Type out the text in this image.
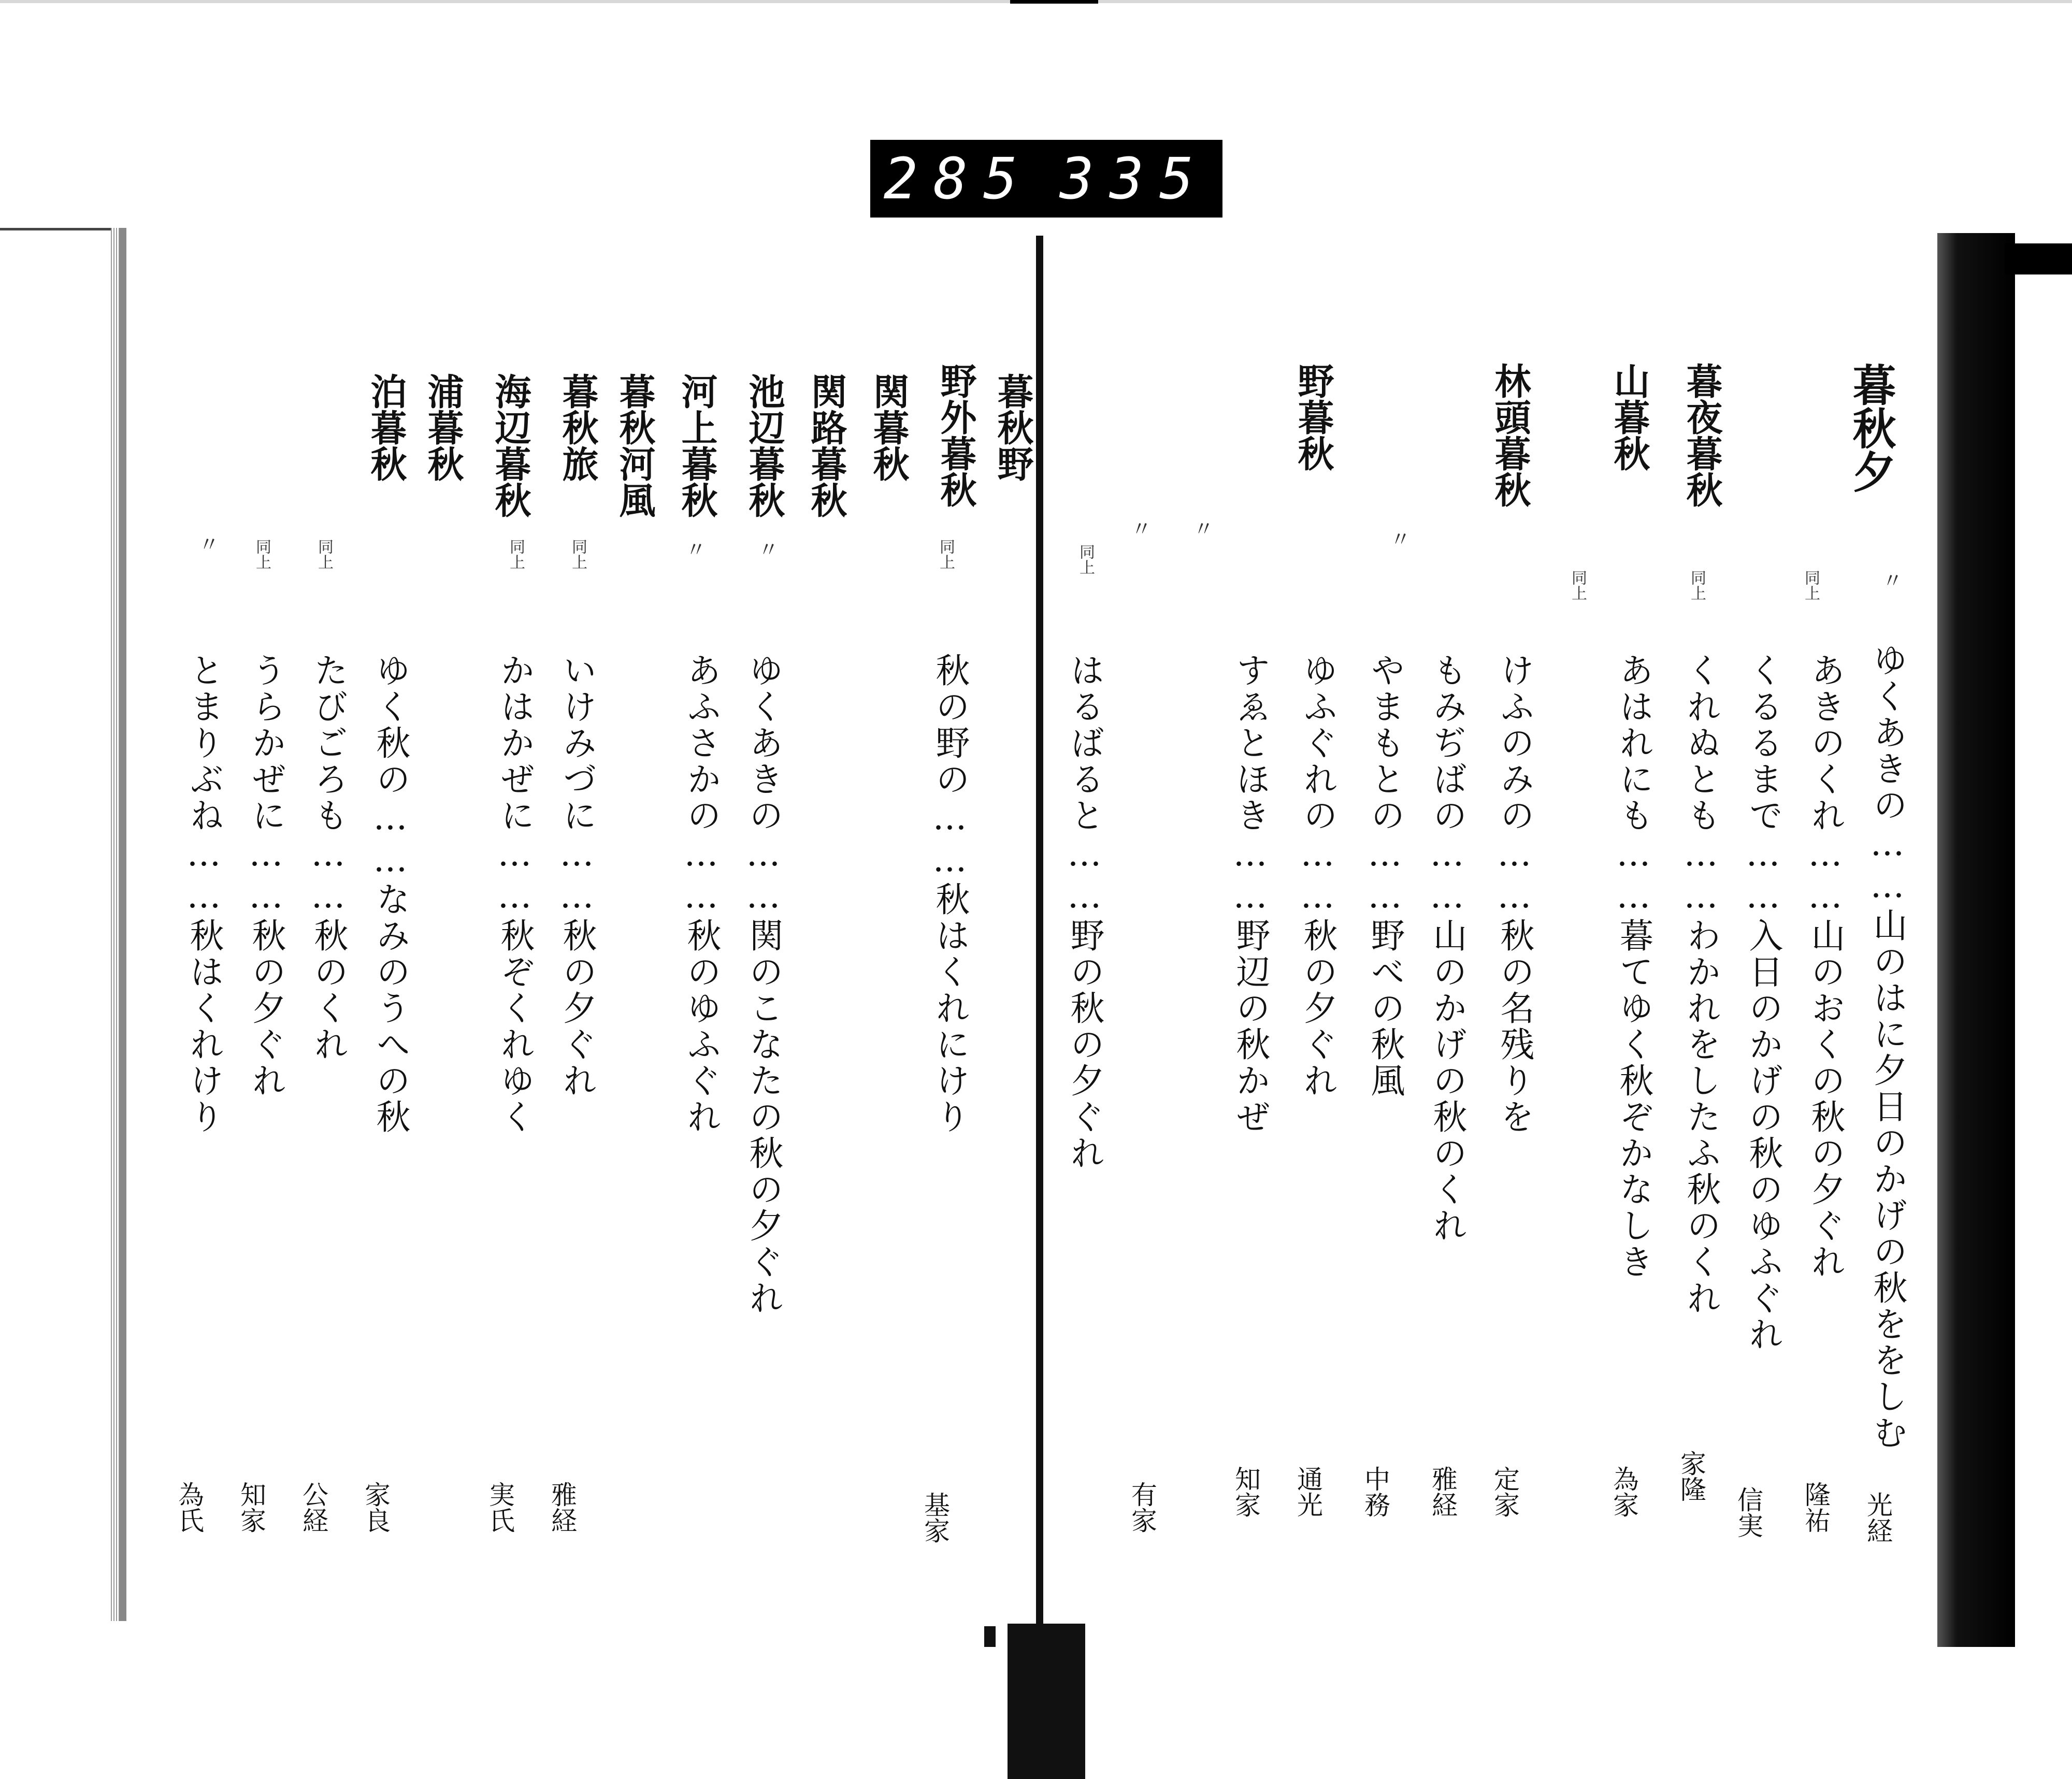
285 335
暮秋夕
林頭暮秋 山暮秋 暮夜暮秋
野暮秋
同上
同上
同上
同上
ゆくあきの……山のはに夕日のかげの秋ををしむ
あきのくれ……山のおくの秋の夕ぐれ
くるるまで……入日のかげの秋のゆふぐれ
くれぬとも……わかれをしたふ秋のくれ
あはれにも……暮てゆく秋ぞかなしき
けふのみの……秋の名残りを
もみぢばの……山のかげの秋のくれ
やまもとの……野べの秋風
ゆふぐれの……秋の夕ぐれ
すゑとほき……野辺の秋かぜ
はるばると……野の秋の夕ぐれ
光経
隆祐
信実
家隆
為家
定家
雅経
中務
通光
知家
有家
〃
〃
〃
〃
暮秋野
野外暮秋
関暮秋
関路暮秋
池辺暮秋
河上暮秋
暮秋河風
暮秋旅
海辺暮秋
浦暮秋
泊暮秋
同上
同上
同上
同上
同上
秋の野の……秋はくれにけり
ゆくあきの……関のこなたの秋の夕ぐれ
あふさかの……秋のゆふぐれ
いけみづに……秋の夕ぐれ
かはかぜに……秋ぞくれゆく
ゆく秋の……なみのうへの秋
たびごろも……秋のくれ
うらかぜに……秋の夕ぐれ
とまりぶね……秋はくれけり
基家
雅経
実氏
家良
公経
知家
為氏
〃
〃
〃
